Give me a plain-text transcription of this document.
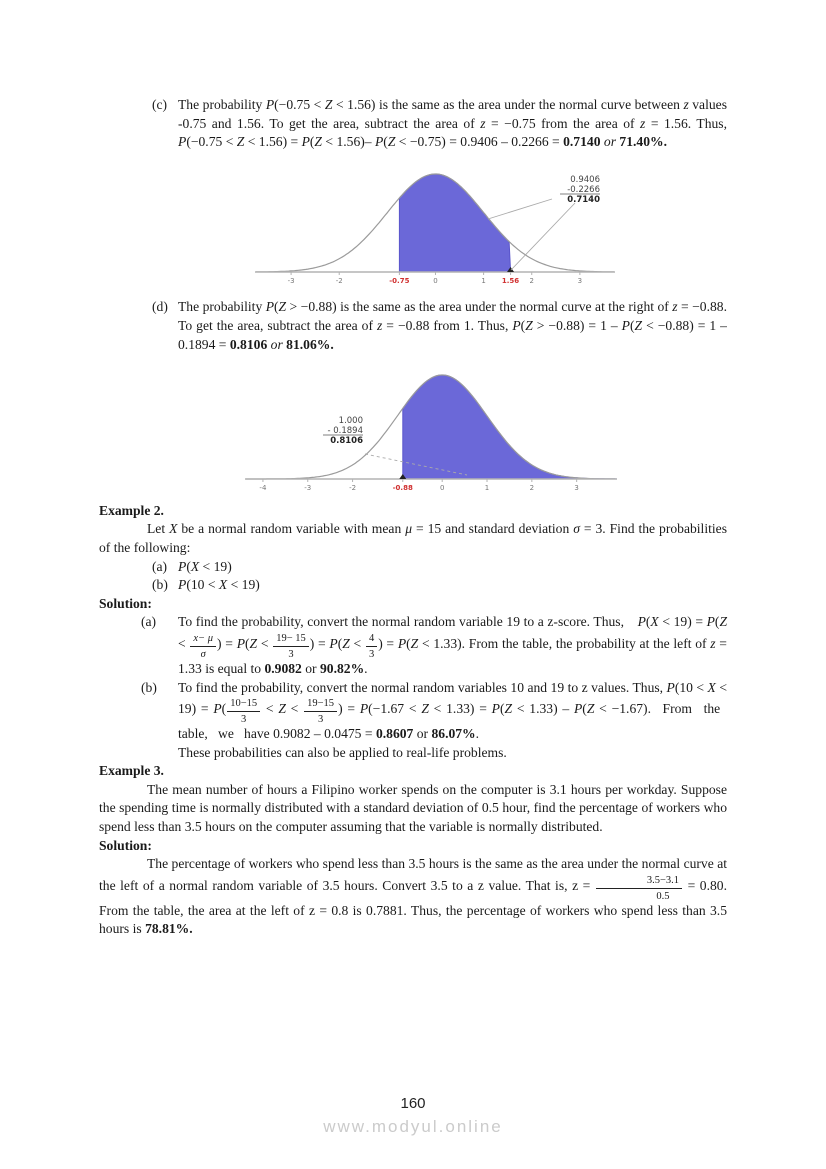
(c) The probability P(−0.75 < Z < 1.56) is the same as the area under the normal curve between z values -0.75 and 1.56. To get the area, subtract the area of z = −0.75 from the area of z = 1.56. Thus, P(−0.75 < Z < 1.56) = P(Z < 1.56)– P(Z < −0.75) = 0.9406 – 0.2266 = 0.7140 or 71.40%.
-3	-2	-0.75	0	1 1.56 2	3
0.9406
-0.2266
0.7140
(d) The probability P(Z > −0.88) is the same as the area under the normal curve at the right of z = −0.88. To get the area, subtract the area of z = −0.88 from 1. Thus, P(Z > −0.88) = 1 – P(Z < −0.88) = 1 – 0.1894 = 0.8106 or 81.06%.
-4	-3	-2	-0.88	0	1	2	3
1.000
- 0.1894
0.8106
Example 2.
Let X be a normal random variable with mean μ = 15 and standard deviation σ = 3. Find the probabilities of the following:
(a) P(X < 19)
(b) P(10 < X < 19)
Solution:
(a) To find the probability, convert the normal random variable 19 to a z-score. Thus, $P(X < 19) = P(Z < \frac{x- \mu}{\sigma}$ ) = $P(Z < \frac{19- 15}{3}$ ) = $P(Z < \frac{4}{3}$ ) = P(Z < 1.33). From the table, the probability at the left of z = 1.33 is equal to 0.9082 or 90.82%.
(b) To find the probability, convert the normal random variables 10 and 19 to z values. Thus, $P(10 < X < 19) = P( \frac{10-15}{3} < Z < \frac{19-15}{3}$ ) = P(−1.67 < Z < 1.33) = P(Z < 1.33) – P(Z < −1.67).  From  the  table,  we  have 0.9082 – 0.0475 = 0.8607 or 86.07%.
These probabilities can also be applied to real-life problems.
Example 3.
The mean number of hours a Filipino worker spends on the computer is 3.1 hours per workday. Suppose the spending time is normally distributed with a standard deviation of 0.5 hour, find the percentage of workers who spend less than 3.5 hours on the computer assuming that the variable is normally distributed.
Solution:
The percentage of workers who spend less than 3.5 hours is the same as the area under the normal curve at the left of a normal random variable of 3.5 hours. Convert 3.5 to a z value. That is, $z = \frac{3.5-3.1}{0.5} = 0.80$. From the table, the area at the left of z = 0.8 is 0.7881. Thus, the percentage of workers who spend less than 3.5 hours is 78.81%.
160
www.modyul.online
